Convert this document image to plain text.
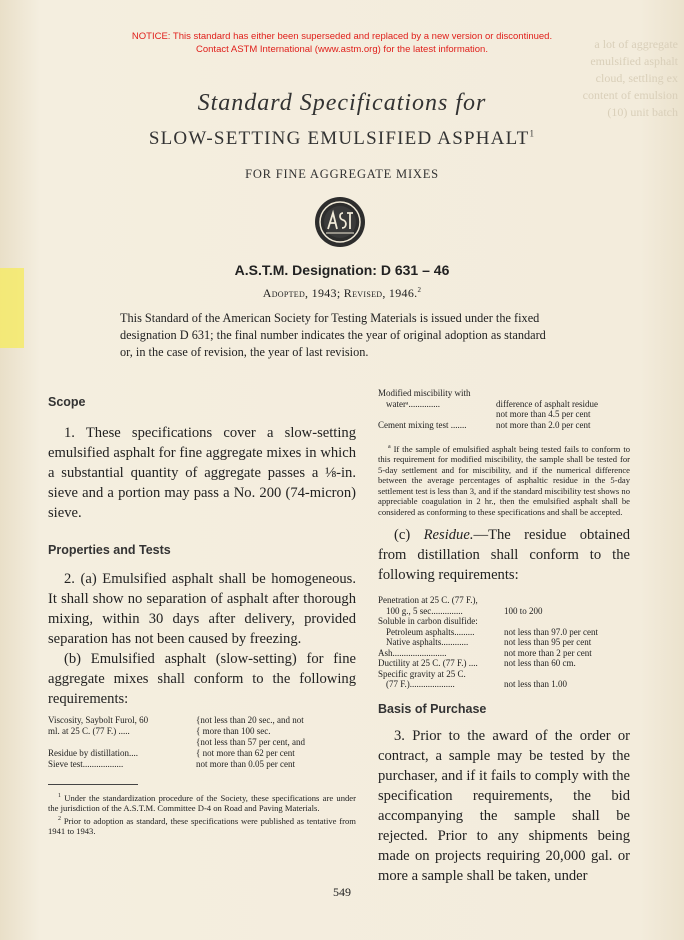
NOTICE: This standard has either been superseded and replaced by a new version or discontinued.
Contact ASTM International (www.astm.org) for the latest information.	a lot of aggregate
emulsified asphalt
cloud, settling ex
content of emulsion
(10) unit batch
Standard Specifications for
SLOW-SETTING EMULSIFIED ASPHALT$^1$
FOR FINE AGGREGATE MIXES
A.S.T.M. Designation: D 631 – 46
Adopted, 1943; Revised, 1946.$^2$
This Standard of the American Society for Testing Materials is issued under the fixed designation D 631; the final number indicates the year of original adoption as standard or, in the case of revision, the year of last revision.
Scope

1. These specifications cover a slow-setting emulsified asphalt for fine aggregate mixes in which a substantial quantity of aggregate passes a ⅛-in. sieve and a portion may pass a No. 200 (74-micron) sieve.

Properties and Tests

2. (a) Emulsified asphalt shall be homogeneous. It shall show no separation of asphalt after thorough mixing, within 30 days after delivery, provided separation has not been caused by freezing.

(b) Emulsified asphalt (slow-setting) for fine aggregate mixes shall conform to the following requirements:

Viscosity, Saybolt Furol, 60	{not less than 20 sec., and not
ml. at 25 C. (77 F.) .....	{ more than 100 sec.
	{not less than 57 per cent, and
Residue by distillation....	{ not more than 62 per cent
Sieve test..................	not more than 0.05 per cent

$^1$ Under the standardization procedure of the Society, these specifications are under the jurisdiction of the A.S.T.M. Committee D-4 on Road and Paving Materials.

$^2$ Prior to adoption as standard, these specifications were published as tentative from 1941 to 1943.

Modified miscibility with	
waterᵃ..............	difference of asphalt residue
	not more than 4.5 per cent
Cement mixing test .......	not more than 2.0 per cent

$^a$ If the sample of emulsified asphalt being tested fails to conform to this requirement for modified miscibility, the sample shall be tested for 5-day settlement and for miscibility, and if the numerical difference between the average percentages of asphaltic residue in the 5-day settlement test is less than 3, and if the standard miscibility test shows no appreciable coagulation in 2 hr., then the emulsified asphalt shall be considered as conforming to these specifications and shall be accepted.

(c) Residue.—The residue obtained from distillation shall conform to the following requirements:

Penetration at 25 C. (77 F.),	
100 g., 5 sec..............	100 to 200
Soluble in carbon disulfide:	
Petroleum asphalts.........	not less than 97.0 per cent
Native asphalts............	not less than 95 per cent
Ash........................	not more than 2 per cent
Ductility at 25 C. (77 F.) ....	not less than 60 cm.
Specific gravity at 25 C.	
(77 F.)....................	not less than 1.00
Basis of Purchase

3. Prior to the award of the order or contract, a sample may be tested by the purchaser, and if it fails to comply with the specification requirements, the bid accompanying the sample shall be rejected. Prior to any shipments being made on projects requiring 20,000 gal. or more a sample shall be taken, under

549
